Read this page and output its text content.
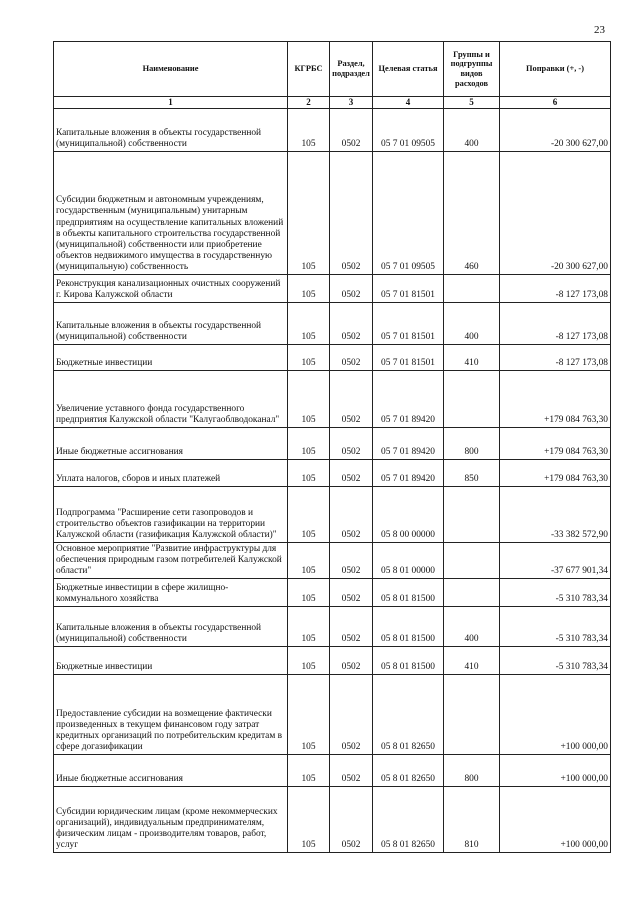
23
Наименование	КГРБС	Раздел, подраздел	Целевая статья	Группы и подгруппы видов расходов	Поправки (+, -)
1	2	3	4	5	6
Капитальные вложения в объекты государственной (муниципальной) собственности	105	0502	05 7 01 09505	400	-20 300 627,00
Субсидии бюджетным и автономным учреждениям, государственным (муниципальным) унитарным предприятиям на осуществление капитальных вложений в объекты капитального строительства государственной (муниципальной) собственности или приобретение объектов недвижимого имущества в государственную (муниципальную) собственность	105	0502	05 7 01 09505	460	-20 300 627,00
Реконструкция канализационных очистных сооружений г. Кирова Калужской области	105	0502	05 7 01 81501		-8 127 173,08
Капитальные вложения в объекты государственной (муниципальной) собственности	105	0502	05 7 01 81501	400	-8 127 173,08
Бюджетные инвестиции	105	0502	05 7 01 81501	410	-8 127 173,08
Увеличение уставного фонда государственного предприятия Калужской области "Калугаоблводоканал"	105	0502	05 7 01 89420		+179 084 763,30
Иные бюджетные ассигнования	105	0502	05 7 01 89420	800	+179 084 763,30
Уплата налогов, сборов и иных платежей	105	0502	05 7 01 89420	850	+179 084 763,30
Подпрограмма "Расширение сети газопроводов и строительство объектов газификации на территории Калужской области (газификация Калужской области)"	105	0502	05 8 00 00000		-33 382 572,90
Основное мероприятие "Развитие инфраструктуры для обеспечения природным газом потребителей Калужской области"	105	0502	05 8 01 00000		-37 677 901,34
Бюджетные инвестиции в сфере жилищно-коммунального хозяйства	105	0502	05 8 01 81500		-5 310 783,34
Капитальные вложения в объекты государственной (муниципальной) собственности	105	0502	05 8 01 81500	400	-5 310 783,34
Бюджетные инвестиции	105	0502	05 8 01 81500	410	-5 310 783,34
Предоставление субсидии на возмещение фактически произведенных в текущем финансовом году затрат кредитных организаций по потребительским кредитам в сфере догазификации	105	0502	05 8 01 82650		+100 000,00
Иные бюджетные ассигнования	105	0502	05 8 01 82650	800	+100 000,00
Субсидии юридическим лицам (кроме некоммерческих организаций), индивидуальным предпринимателям, физическим лицам - производителям товаров, работ, услуг	105	0502	05 8 01 82650	810	+100 000,00
